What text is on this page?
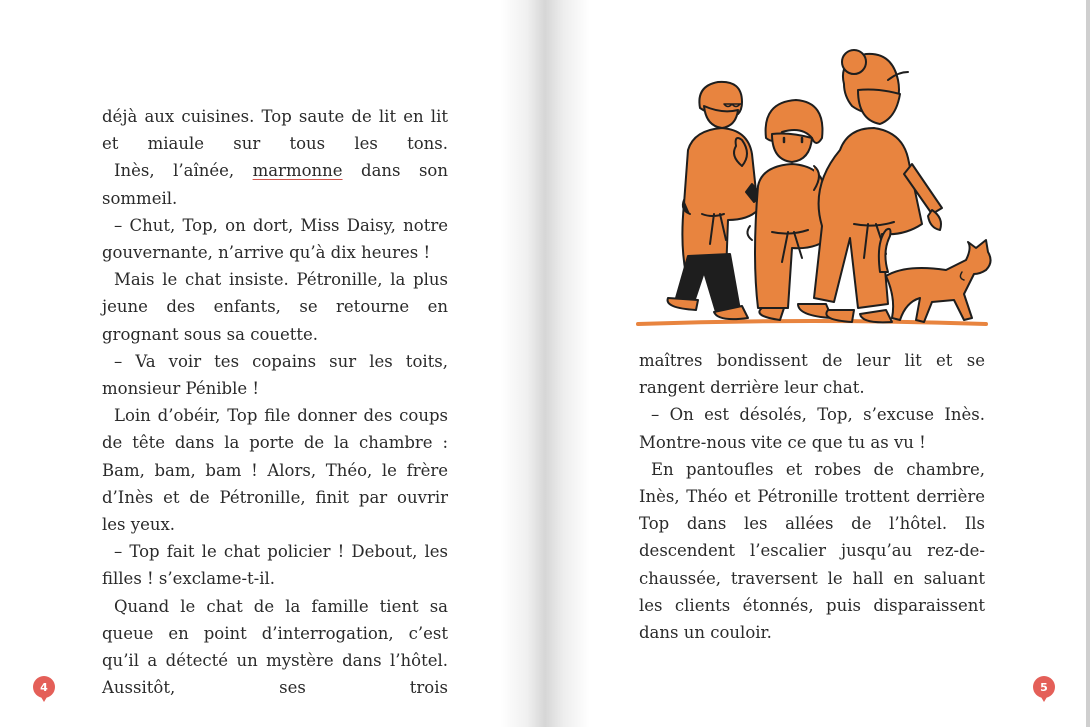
déjà aux cuisines. Top saute de lit en lit et miaule sur tous les tons.

Inès, l’aînée, marmonne dans son sommeil.

– Chut, Top, on dort, Miss Daisy, notre gouvernante, n’arrive qu’à dix heures !

Mais le chat insiste. Pétronille, la plus jeune des enfants, se retourne en grognant sous sa couette.

– Va voir tes copains sur les toits, monsieur Pénible !

Loin d’obéir, Top file donner des coups de tête dans la porte de la chambre : Bam, bam, bam ! Alors, Théo, le frère d’Inès et de Pétronille, finit par ouvrir les yeux.

– Top fait le chat policier ! Debout, les filles ! s’exclame-t-il.

Quand le chat de la famille tient sa queue en point d’interrogation, c’est qu’il a détecté un mystère dans l’hôtel. Aussitôt, ses trois

4	5

maîtres bondissent de leur lit et se rangent derrière leur chat.

– On est désolés, Top, s’excuse Inès. Montre-nous vite ce que tu as vu !

En pantoufles et robes de chambre, Inès, Théo et Pétronille trottent derrière Top dans les allées de l’hôtel. Ils descendent l’escalier jusqu’au rez-de-chaussée, traversent le hall en saluant les clients étonnés, puis disparaissent dans un couloir.
